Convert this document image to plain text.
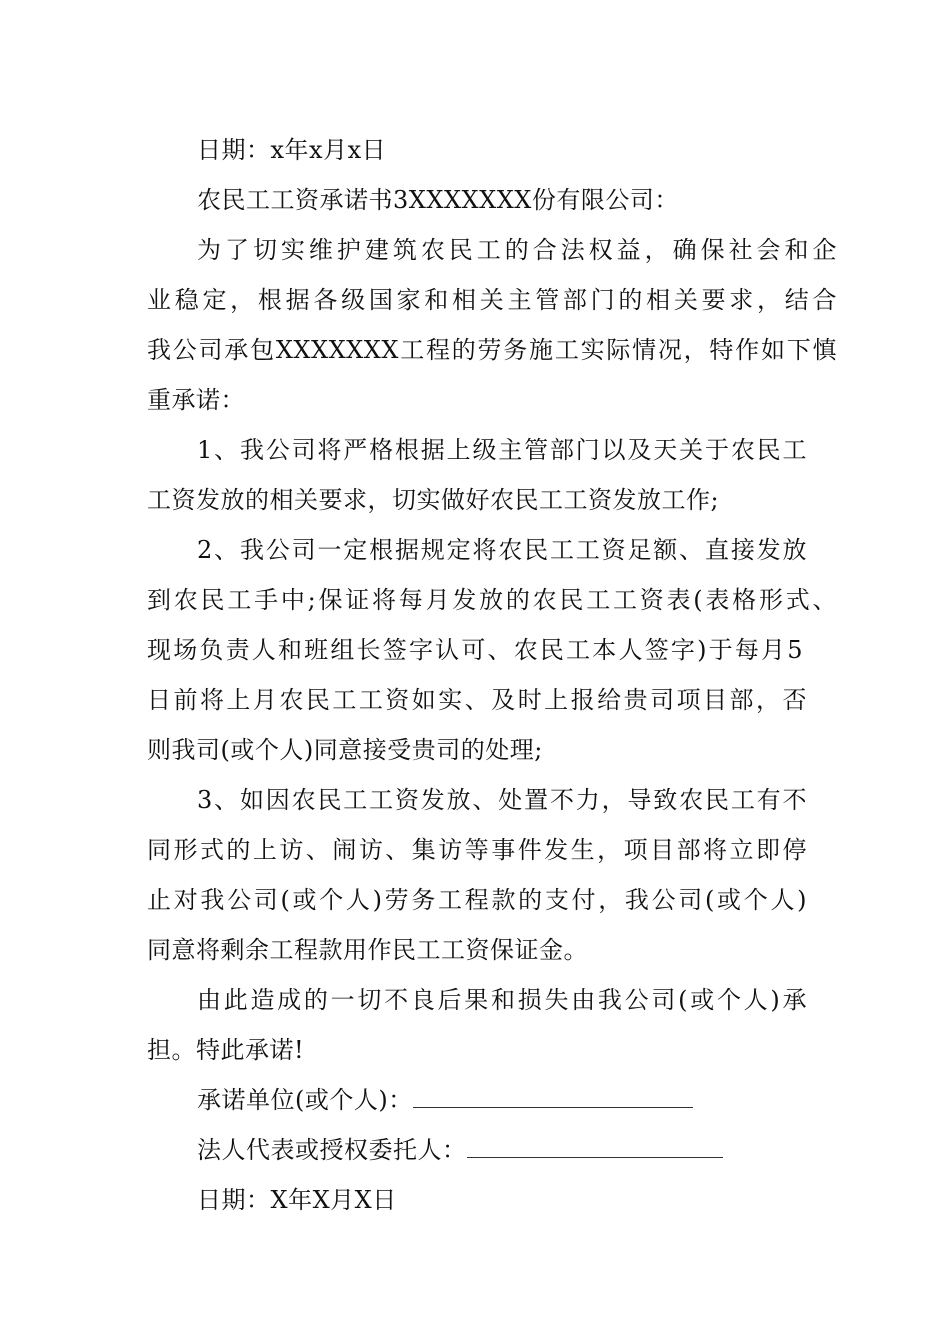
日期：x年x月x日
农民工工资承诺书3XXXXXXX份有限公司：
为了切实维护建筑农民工的合法权益，确保社会和企
业稳定，根据各级国家和相关主管部门的相关要求，结合
我公司承包XXXXXXX工程的劳务施工实际情况，特作如下慎
重承诺：
1、我公司将严格根据上级主管部门以及天关于农民工
工资发放的相关要求，切实做好农民工工资发放工作;
2、我公司一定根据规定将农民工工资足额、直接发放
到农民工手中;保证将每月发放的农民工工资表(表格形式、
现场负责人和班组长签字认可、农民工本人签字)于每月5
日前将上月农民工工资如实、及时上报给贵司项目部，否
则我司(或个人)同意接受贵司的处理;
3、如因农民工工资发放、处置不力，导致农民工有不
同形式的上访、闹访、集访等事件发生，项目部将立即停
止对我公司(或个人)劳务工程款的支付，我公司(或个人)
同意将剩余工程款用作民工工资保证金。
由此造成的一切不良后果和损失由我公司(或个人)承
担。特此承诺!
承诺单位(或个人)：
法人代表或授权委托人：
日期：X年X月X日
